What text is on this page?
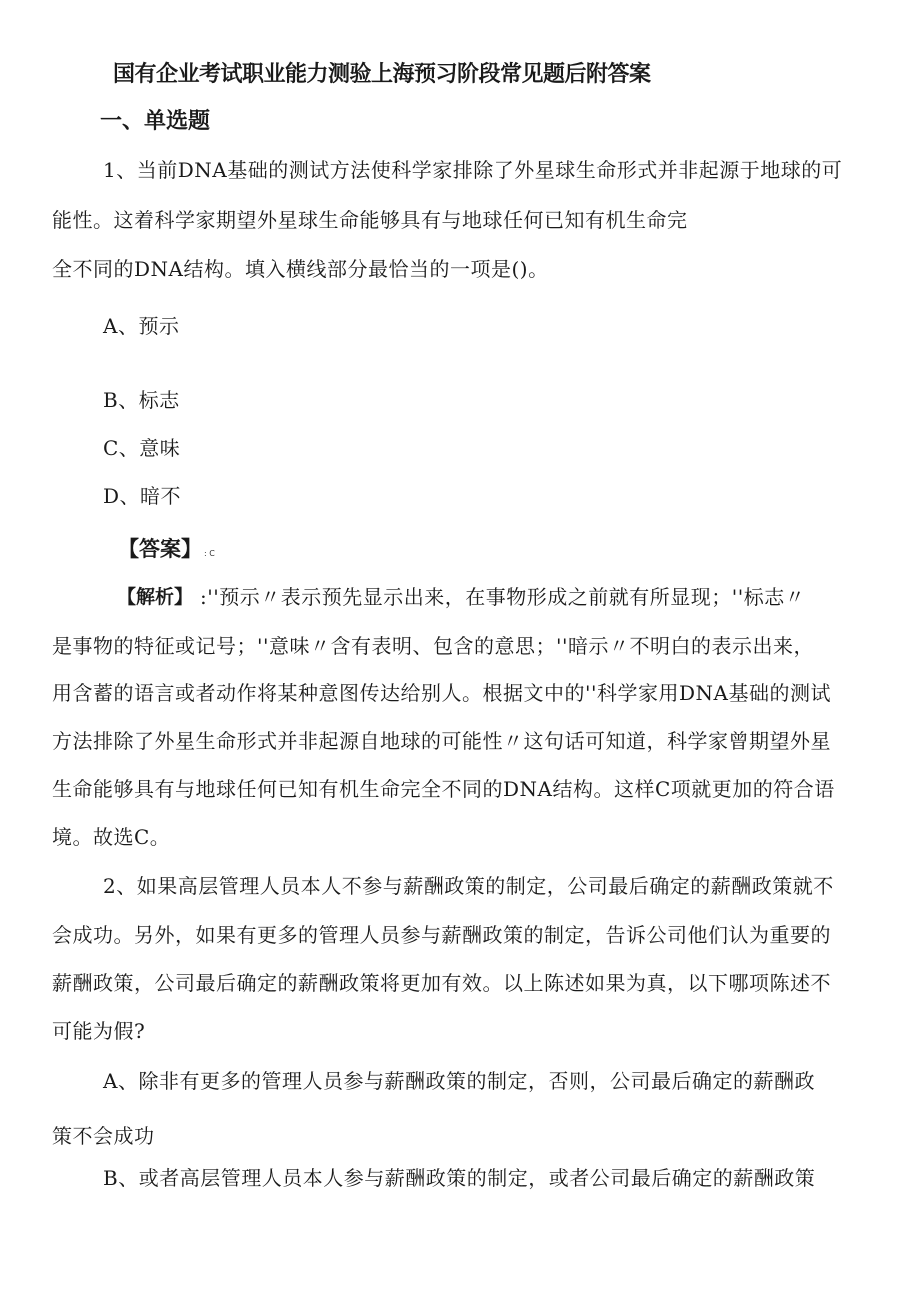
国有企业考试职业能力测验上海预习阶段常见题后附答案
一、单选题
1、当前DNA基础的测试方法使科学家排除了外星球生命形式并非起源于地球的可
能性。这着科学家期望外星球生命能够具有与地球任何已知有机生命完
全不同的DNA结构。填入横线部分最恰当的一项是()。
A、预示
B、标志
C、意味
D、暗不
【答案】 : C
【解析】 :''预示〃表示预先显示出来，在事物形成之前就有所显现；''标志〃
是事物的特征或记号；''意味〃含有表明、包含的意思；''暗示〃不明白的表示出来，
用含蓄的语言或者动作将某种意图传达给别人。根据文中的''科学家用DNA基础的测试
方法排除了外星生命形式并非起源自地球的可能性〃这句话可知道，科学家曾期望外星
生命能够具有与地球任何已知有机生命完全不同的DNA结构。这样C项就更加的符合语
境。故选C。
2、如果高层管理人员本人不参与薪酬政策的制定，公司最后确定的薪酬政策就不
会成功。另外，如果有更多的管理人员参与薪酬政策的制定，告诉公司他们认为重要的
薪酬政策，公司最后确定的薪酬政策将更加有效。以上陈述如果为真，以下哪项陈述不
可能为假?
A、除非有更多的管理人员参与薪酬政策的制定，否则，公司最后确定的薪酬政
策不会成功
B、或者高层管理人员本人参与薪酬政策的制定，或者公司最后确定的薪酬政策
